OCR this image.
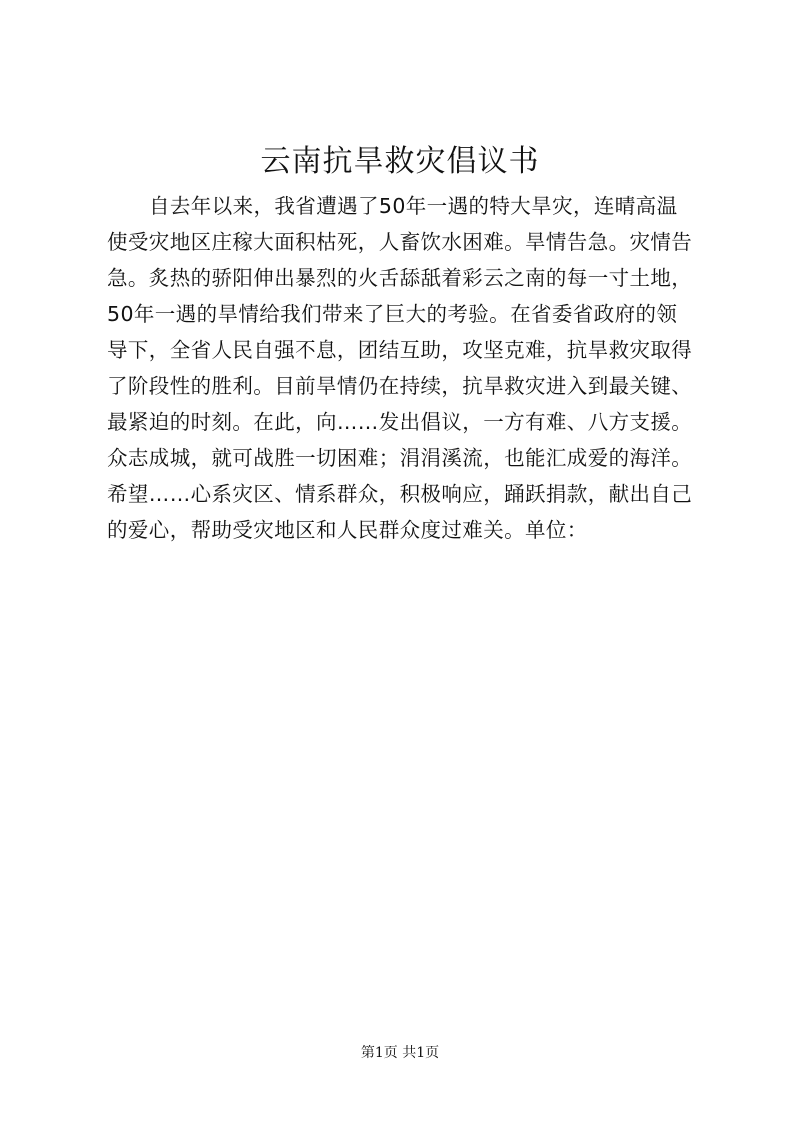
云南抗旱救灾倡议书
自去年以来，我省遭遇了50年一遇的特大旱灾，连晴高温
使受灾地区庄稼大面积枯死，人畜饮水困难。旱情告急。灾情告
急。炙热的骄阳伸出暴烈的火舌舔舐着彩云之南的每一寸土地，
50年一遇的旱情给我们带来了巨大的考验。在省委省政府的领
导下，全省人民自强不息，团结互助，攻坚克难，抗旱救灾取得
了阶段性的胜利。目前旱情仍在持续，抗旱救灾进入到最关键、
最紧迫的时刻。在此，向……发出倡议，一方有难、八方支援。
众志成城，就可战胜一切困难；涓涓溪流，也能汇成爱的海洋。
希望……心系灾区、情系群众，积极响应，踊跃捐款，献出自己
的爱心，帮助受灾地区和人民群众度过难关。单位：
第1页 共1页
